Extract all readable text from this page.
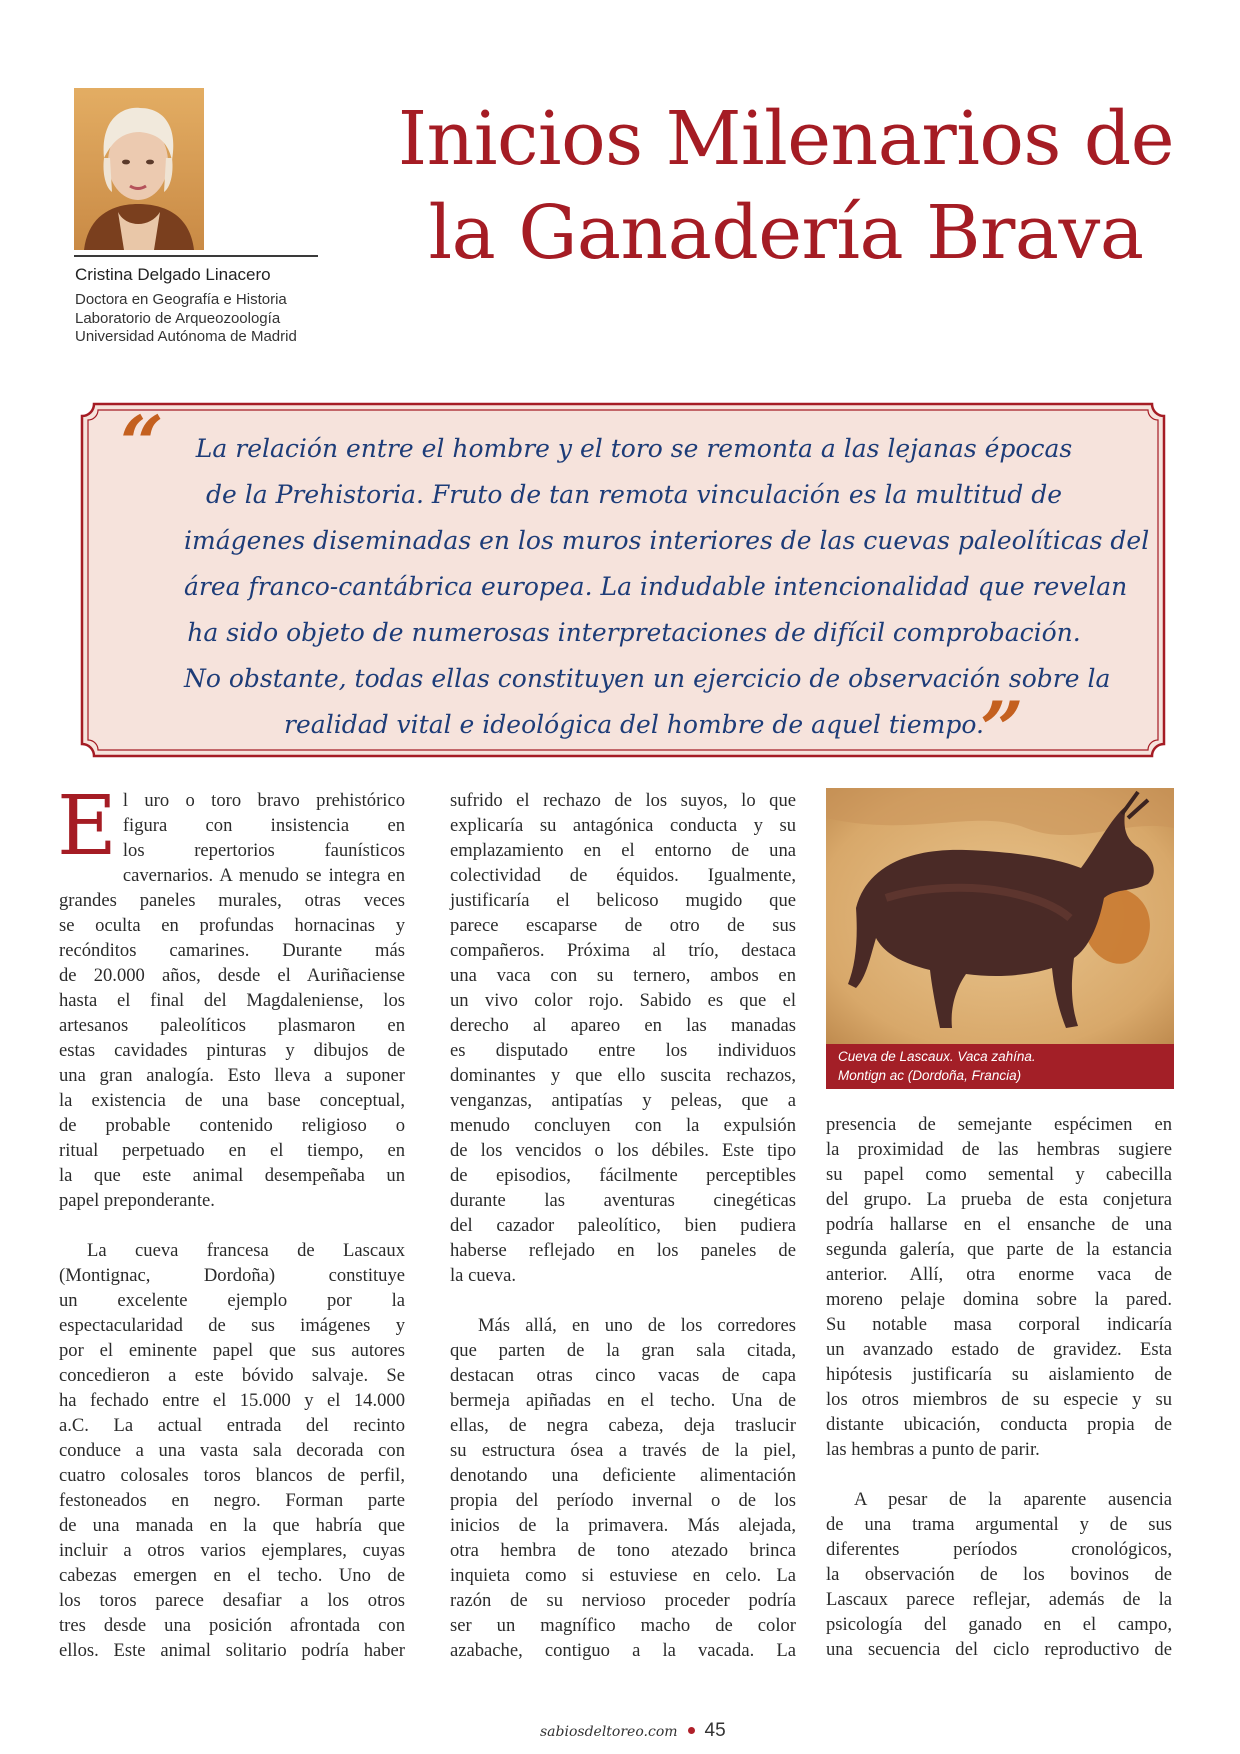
Cristina Delgado Linacero
Doctora en Geografía e Historia
Laboratorio de Arqueozoología
Universidad Autónoma de Madrid
Inicios Milenarios de
la Ganadería Brava
“	La relación entre el hombre y el toro se remonta a las lejanas épocas
de la Prehistoria. Fruto de tan remota vinculación es la multitud de
imágenes diseminadas en los muros interiores de las cuevas paleolíticas del
área franco-cantábrica europea. La indudable intencionalidad que revelan
ha sido objeto de numerosas interpretaciones de difícil comprobación.
No obstante, todas ellas constituyen un ejercicio de observación sobre la
realidad vital e ideológica del hombre de aquel tiempo.
”
E l uro o toro bravo prehistórico

figura con insistencia en

los repertorios faunísticos

cavernarios. A menudo se integra en

grandes paneles murales, otras veces

se oculta en profundas hornacinas y

recónditos camarines. Durante más

de 20.000 años, desde el Auriñaciense

hasta el final del Magdaleniense, los

artesanos paleolíticos plasmaron en

estas cavidades pinturas y dibujos de

una gran analogía. Esto lleva a suponer

la existencia de una base conceptual,

de probable contenido religioso o

ritual perpetuado en el tiempo, en

la que este animal desempeñaba un

papel preponderante.

La cueva francesa de Lascaux

(Montignac, Dordoña) constituye

un excelente ejemplo por la

espectacularidad de sus imágenes y

por el eminente papel que sus autores

concedieron a este bóvido salvaje. Se

ha fechado entre el 15.000 y el 14.000

a.C. La actual entrada del recinto

conduce a una vasta sala decorada con

cuatro colosales toros blancos de perfil,

festoneados en negro. Forman parte

de una manada en la que habría que

incluir a otros varios ejemplares, cuyas

cabezas emergen en el techo. Uno de

los toros parece desafiar a los otros

tres desde una posición afrontada con

ellos. Este animal solitario podría haber

sufrido el rechazo de los suyos, lo que

explicaría su antagónica conducta y su

emplazamiento en el entorno de una

colectividad de équidos. Igualmente,

justificaría el belicoso mugido que

parece escaparse de otro de sus

compañeros. Próxima al trío, destaca

una vaca con su ternero, ambos en

un vivo color rojo. Sabido es que el

derecho al apareo en las manadas

es disputado entre los individuos

dominantes y que ello suscita rechazos,

venganzas, antipatías y peleas, que a

menudo concluyen con la expulsión

de los vencidos o los débiles. Este tipo

de episodios, fácilmente perceptibles

durante las aventuras cinegéticas

del cazador paleolítico, bien pudiera

haberse reflejado en los paneles de

la cueva.

Más allá, en uno de los corredores

que parten de la gran sala citada,

destacan otras cinco vacas de capa

bermeja apiñadas en el techo. Una de

ellas, de negra cabeza, deja traslucir

su estructura ósea a través de la piel,

denotando una deficiente alimentación

propia del período invernal o de los

inicios de la primavera. Más alejada,

otra hembra de tono atezado brinca

inquieta como si estuviese en celo. La

razón de su nervioso proceder podría

ser un magnífico macho de color

azabache, contiguo a la vacada. La

Cueva de Lascaux. Vaca zahína.
Montign ac (Dordoña, Francia)

presencia de semejante espécimen en

la proximidad de las hembras sugiere

su papel como semental y cabecilla

del grupo. La prueba de esta conjetura

podría hallarse en el ensanche de una

segunda galería, que parte de la estancia

anterior. Allí, otra enorme vaca de

moreno pelaje domina sobre la pared.

Su notable masa corporal indicaría

un avanzado estado de gravidez. Esta

hipótesis justificaría su aislamiento de

los otros miembros de su especie y su

distante ubicación, conducta propia de

las hembras a punto de parir.

A pesar de la aparente ausencia

de una trama argumental y de sus

diferentes períodos cronológicos,

la observación de los bovinos de

Lascaux parece reflejar, además de la

psicología del ganado en el campo,

una secuencia del ciclo reproductivo de

sabiosdeltoreo.com 45
